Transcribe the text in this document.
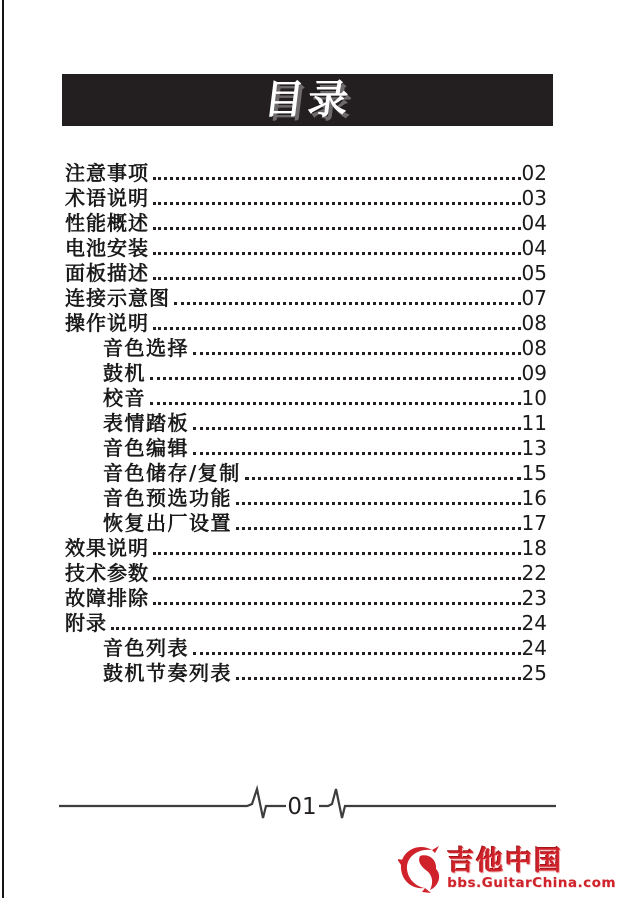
目录
注意事项	02
术语说明	03
性能概述	04
电池安装	04
面板描述	05
连接示意图	07
操作说明	08
音色选择	08
鼓机	09
校音	10
表情踏板	11
音色编辑	13
音色储存/复制	15
音色预选功能	16
恢复出厂设置	17
效果说明	18
技术参数	22
故障排除	23
附录	24
音色列表	24
鼓机节奏列表	25
01
吉他中国
bbs.GuitarChina.com
